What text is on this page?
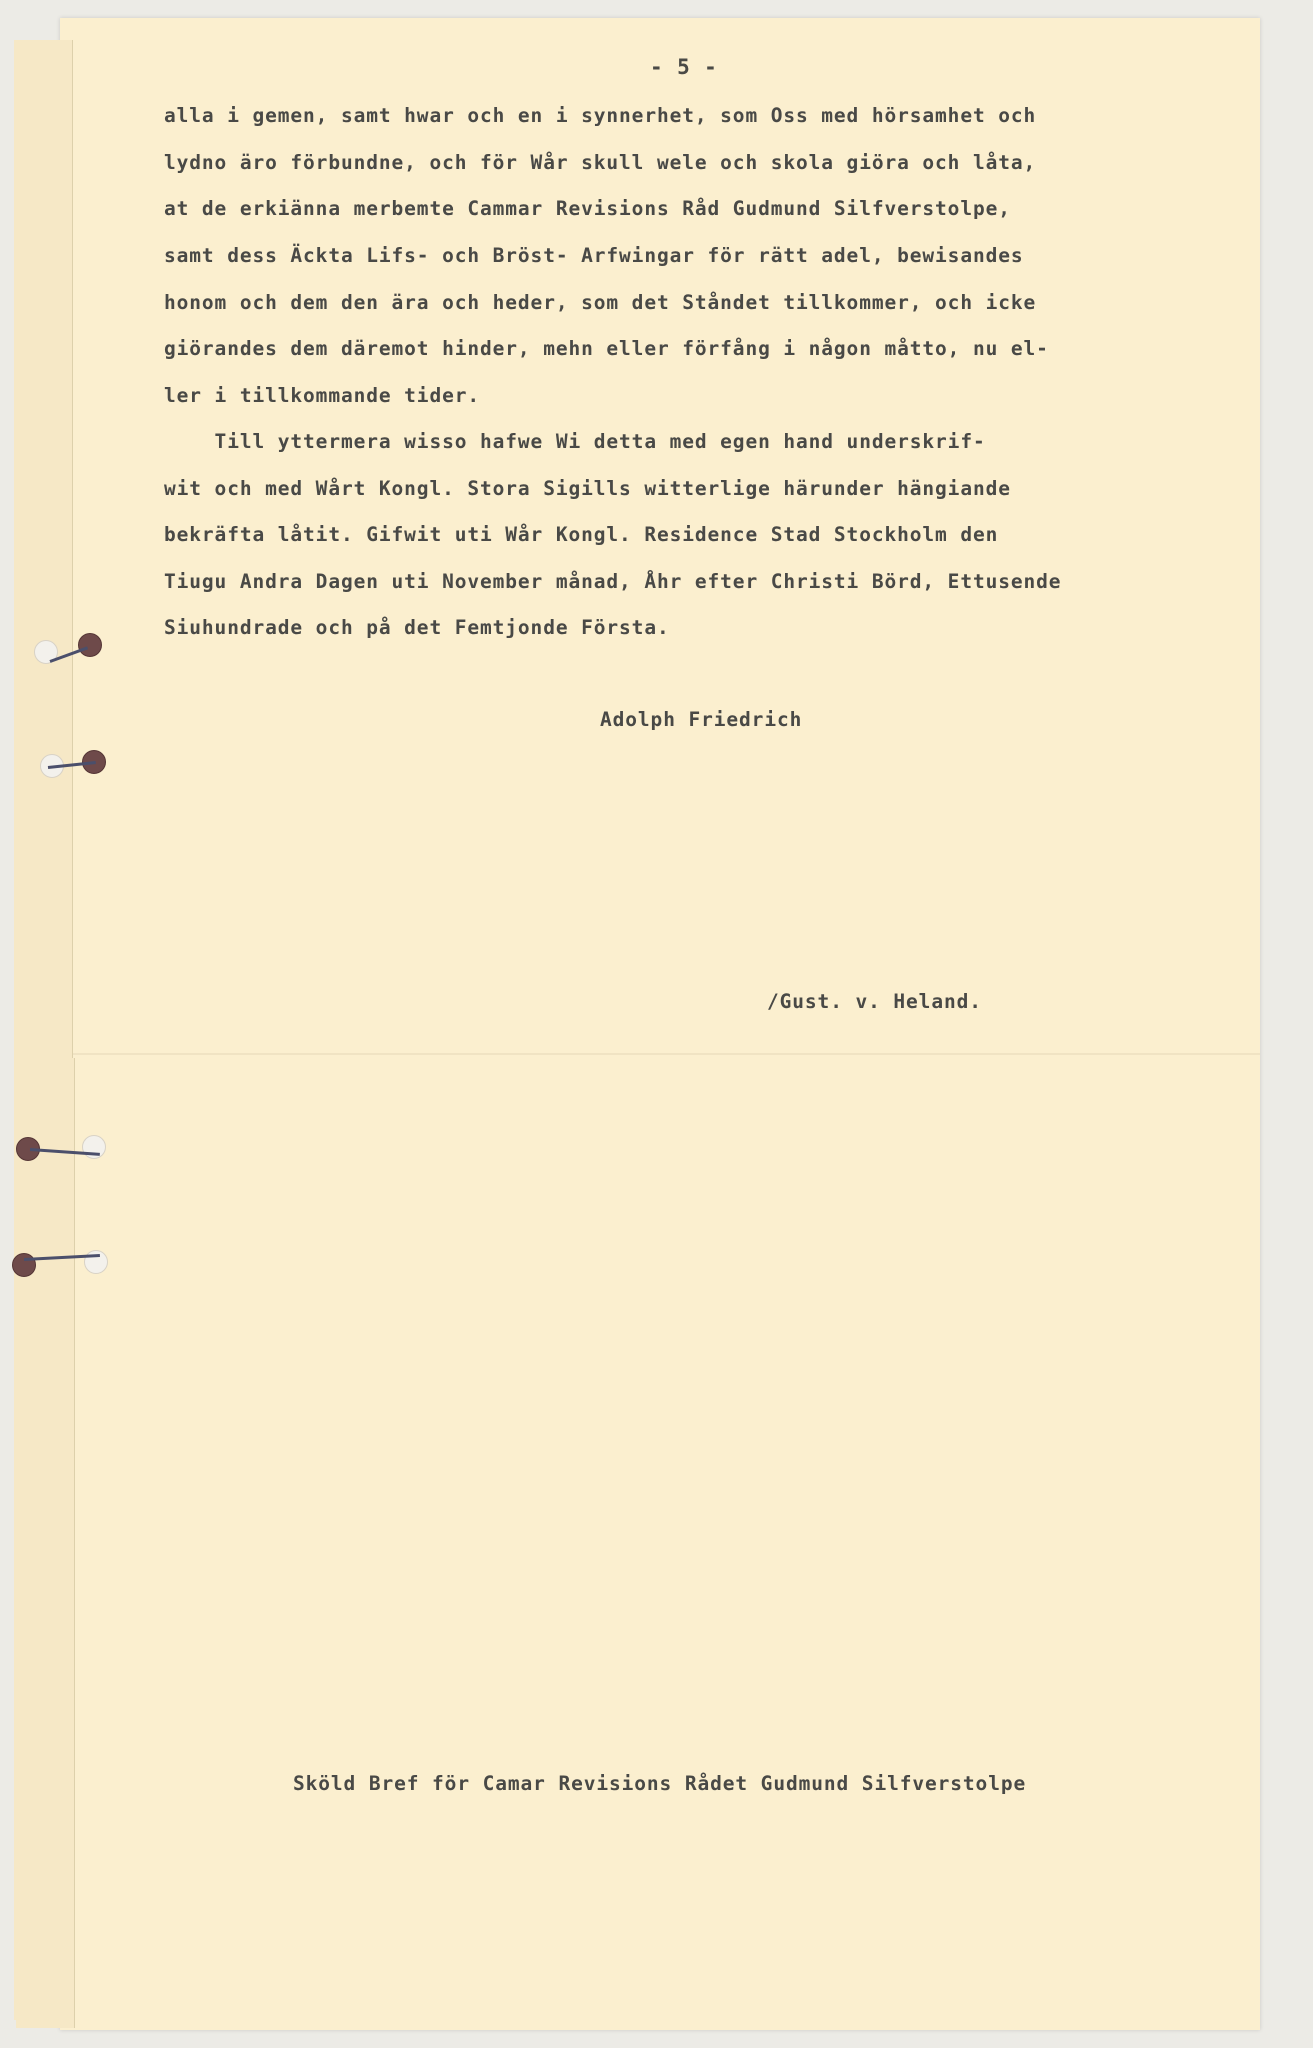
- 5 -
alla i gemen, samt hwar och en i synnerhet, som Oss med hörsamhet och
lydno äro förbundne, och för Wår skull wele och skola giöra och låta,
at de erkiänna merbemte Cammar Revisions Råd Gudmund Silfverstolpe,
samt dess Äckta Lifs- och Bröst- Arfwingar för rätt adel, bewisandes
honom och dem den ära och heder, som det Ståndet tillkommer, och icke
giörandes dem däremot hinder, mehn eller förfång i någon måtto, nu el-
ler i tillkommande tider.
Till yttermera wisso hafwe Wi detta med egen hand underskrif-
wit och med Wårt Kongl. Stora Sigills witterlige härunder hängiande
bekräfta låtit. Gifwit uti Wår Kongl. Residence Stad Stockholm den
Tiugu Andra Dagen uti November månad, Åhr efter Christi Börd, Ettusende
Siuhundrade och på det Femtjonde Första.
Adolph Friedrich
/Gust. v. Heland.
Sköld Bref för Camar Revisions Rådet Gudmund Silfverstolpe
